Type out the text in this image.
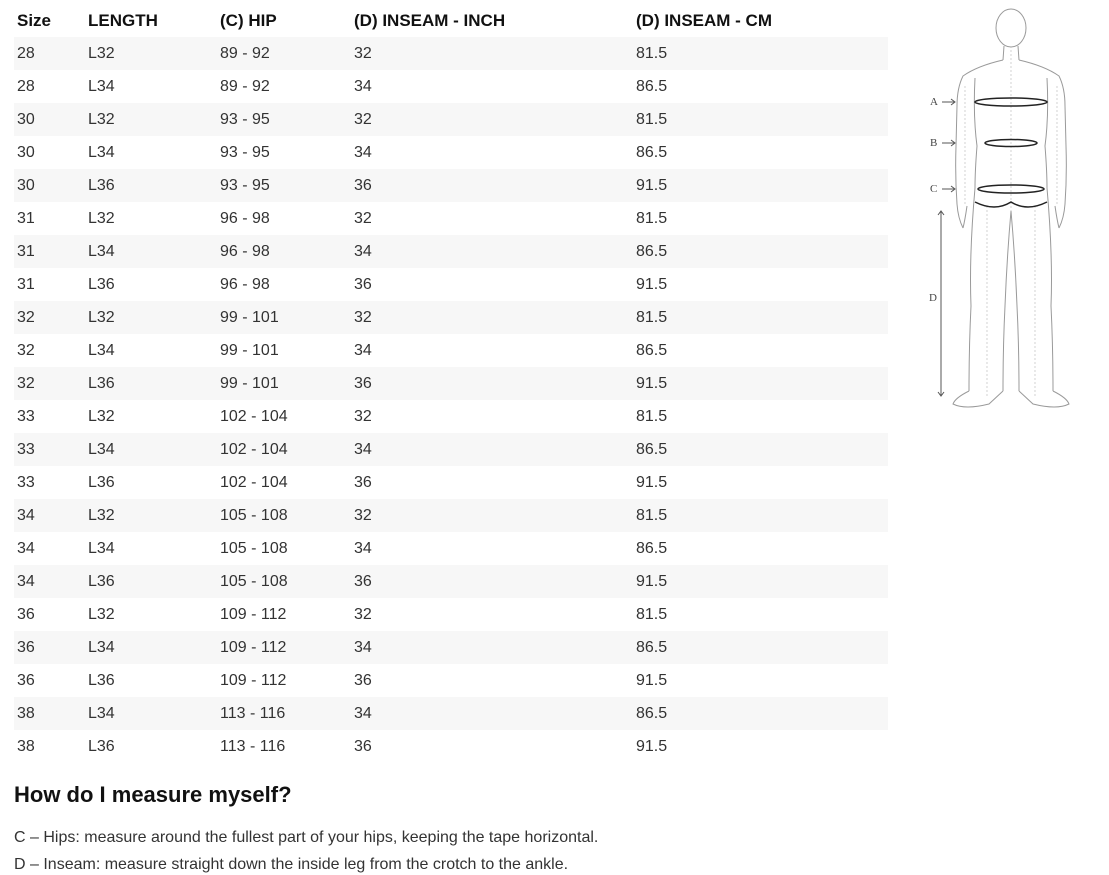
Size	LENGTH	(C) HIP	(D) INSEAM - INCH	(D) INSEAM - CM
28	L32	89 - 92	32	81.5
28	L34	89 - 92	34	86.5
30	L32	93 - 95	32	81.5
30	L34	93 - 95	34	86.5
30	L36	93 - 95	36	91.5
31	L32	96 - 98	32	81.5
31	L34	96 - 98	34	86.5
31	L36	96 - 98	36	91.5
32	L32	99 - 101	32	81.5
32	L34	99 - 101	34	86.5
32	L36	99 - 101	36	91.5
33	L32	102 - 104	32	81.5
33	L34	102 - 104	34	86.5
33	L36	102 - 104	36	91.5
34	L32	105 - 108	32	81.5
34	L34	105 - 108	34	86.5
34	L36	105 - 108	36	91.5
36	L32	109 - 112	32	81.5
36	L34	109 - 112	34	86.5
36	L36	109 - 112	36	91.5
38	L34	113 - 116	34	86.5
38	L36	113 - 116	36	91.5
A
B
C
D
How do I measure myself?

C – Hips: measure around the fullest part of your hips, keeping the tape horizontal.

D – Inseam: measure straight down the inside leg from the crotch to the ankle.
